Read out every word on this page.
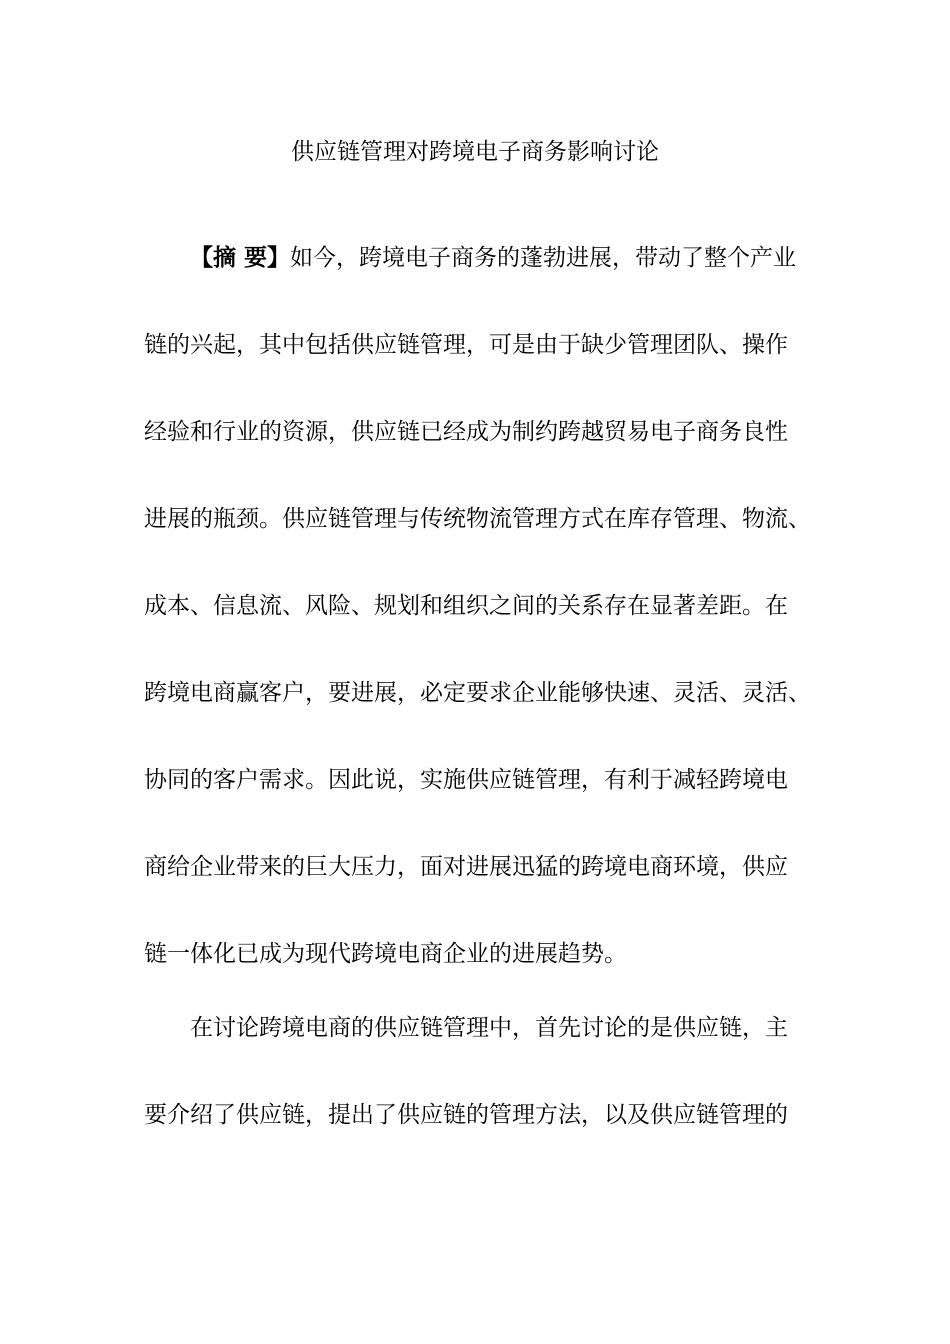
供应链管理对跨境电子商务影响讨论
【摘 要】如今，跨境电子商务的蓬勃进展，带动了整个产业
链的兴起，其中包括供应链管理，可是由于缺少管理团队、操作
经验和行业的资源，供应链已经成为制约跨越贸易电子商务良性
进展的瓶颈。供应链管理与传统物流管理方式在库存管理、物流、
成本、信息流、风险、规划和组织之间的关系存在显著差距。在
跨境电商赢客户，要进展，必定要求企业能够快速、灵活、灵活、
协同的客户需求。因此说，实施供应链管理，有利于减轻跨境电
商给企业带来的巨大压力，面对进展迅猛的跨境电商环境，供应
链一体化已成为现代跨境电商企业的进展趋势。
在讨论跨境电商的供应链管理中，首先讨论的是供应链，主
要介绍了供应链，提出了供应链的管理方法，以及供应链管理的
